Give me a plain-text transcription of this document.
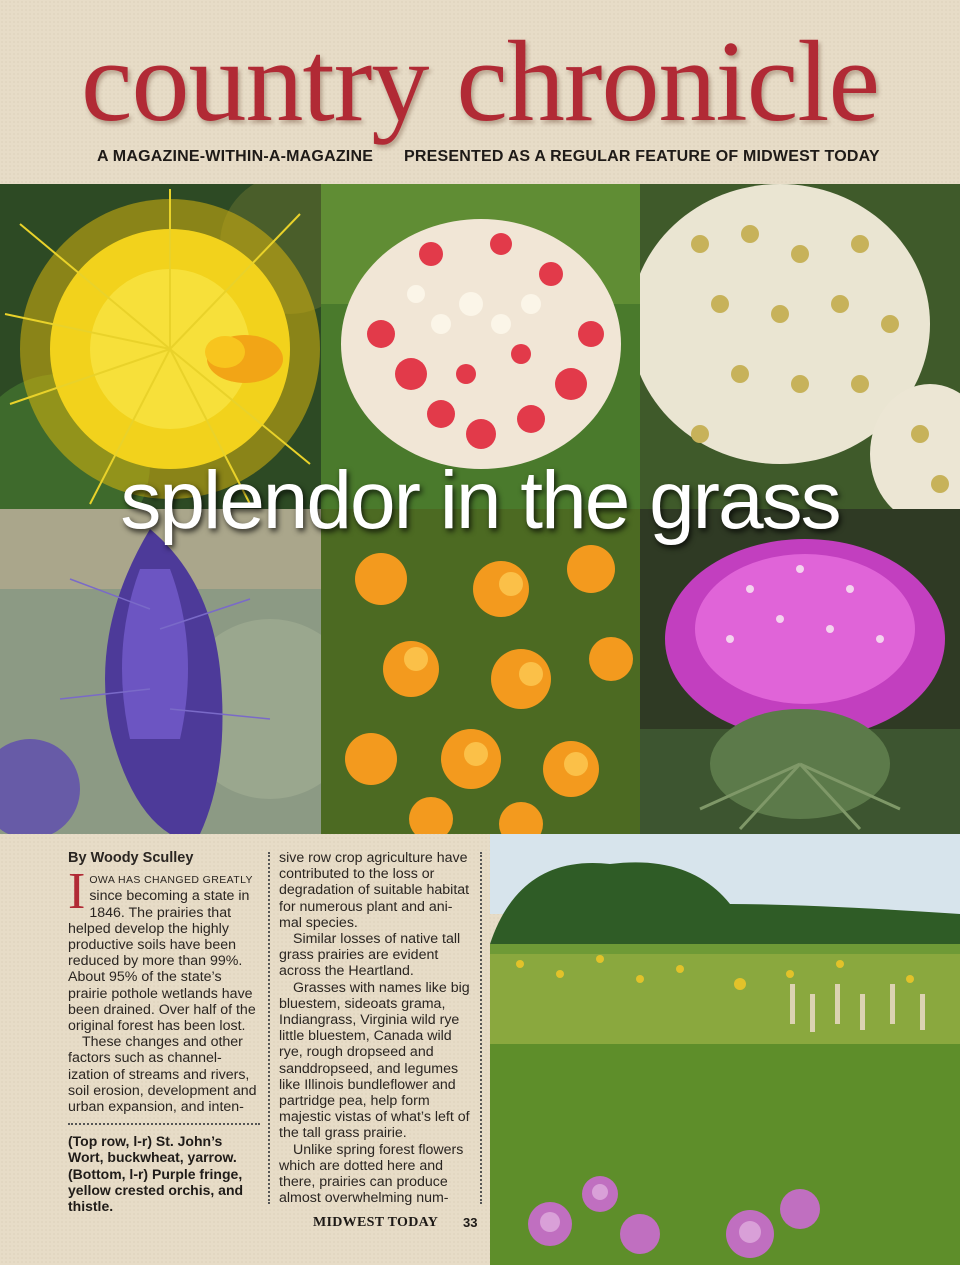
country chronicle
A MAGAZINE-WITHIN-A-MAGAZINE PRESENTED AS A REGULAR FEATURE OF MIDWEST TODAY
splendor in the grass

By Woody Sculley

I OWA HAS CHANGED GREATLY since becoming a state in 1846. The prairies that helped develop the highly productive soils have been reduced by more than 99%. About 95% of the state’s prairie pothole wetlands have been drained. Over half of the original forest has been lost.

These changes and other factors such as channel-ization of streams and rivers, soil erosion, development and urban expansion, and inten-

(Top row, l-r) St. John’s Wort, buckwheat, yarrow. (Bottom, l-r) Purple fringe, yellow crested orchis, and thistle.

sive row crop agriculture have contributed to the loss or degradation of suitable habitat for numerous plant and ani-mal species.

Similar losses of native tall grass prairies are evident across the Heartland.

Grasses with names like big bluestem, sideoats grama, Indiangrass, Virginia wild rye little bluestem, Canada wild rye, rough dropseed and sanddropseed, and legumes like Illinois bundleflower and partridge pea, help form majestic vistas of what’s left of the tall grass prairie.

Unlike spring forest flowers which are dotted here and there, prairies can produce almost overwhelming num-

MIDWEST TODAY 33
